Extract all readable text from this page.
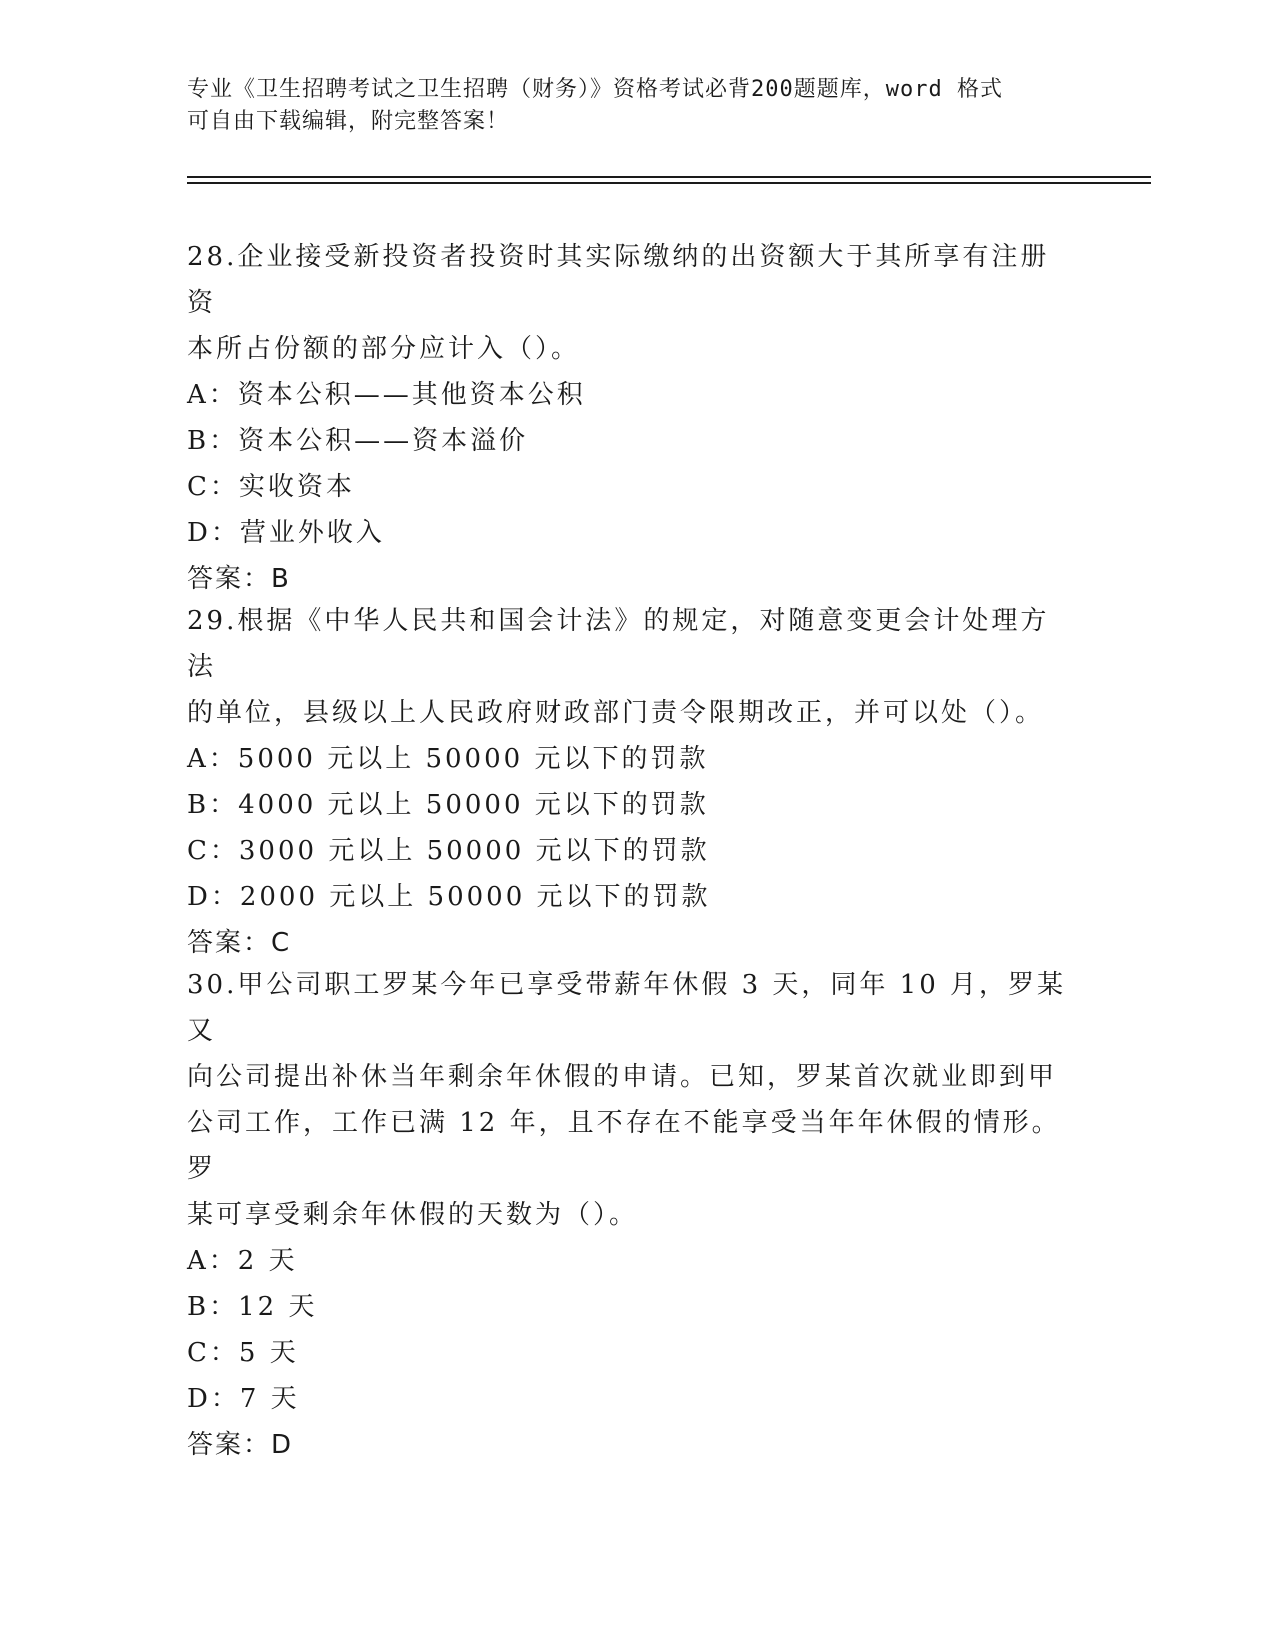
专业《卫生招聘考试之卫生招聘（财务）》资格考试必背200题题库，word 格式
可自由下载编辑，附完整答案！

28.企业接受新投资者投资时其实际缴纳的出资额大于其所享有注册资

本所占份额的部分应计入（）。

A：资本公积——其他资本公积

B：资本公积——资本溢价

C：实收资本

D：营业外收入

答案：B

29.根据《中华人民共和国会计法》的规定，对随意变更会计处理方法

的单位，县级以上人民政府财政部门责令限期改正，并可以处（）。

A：5000 元以上 50000 元以下的罚款

B：4000 元以上 50000 元以下的罚款

C：3000 元以上 50000 元以下的罚款

D：2000 元以上 50000 元以下的罚款

答案：C

30.甲公司职工罗某今年已享受带薪年休假 3 天，同年 10 月，罗某又

向公司提出补休当年剩余年休假的申请。已知，罗某首次就业即到甲

公司工作，工作已满 12 年，且不存在不能享受当年年休假的情形。罗

某可享受剩余年休假的天数为（）。

A：2 天

B：12 天

C：5 天

D：7 天

答案：D
